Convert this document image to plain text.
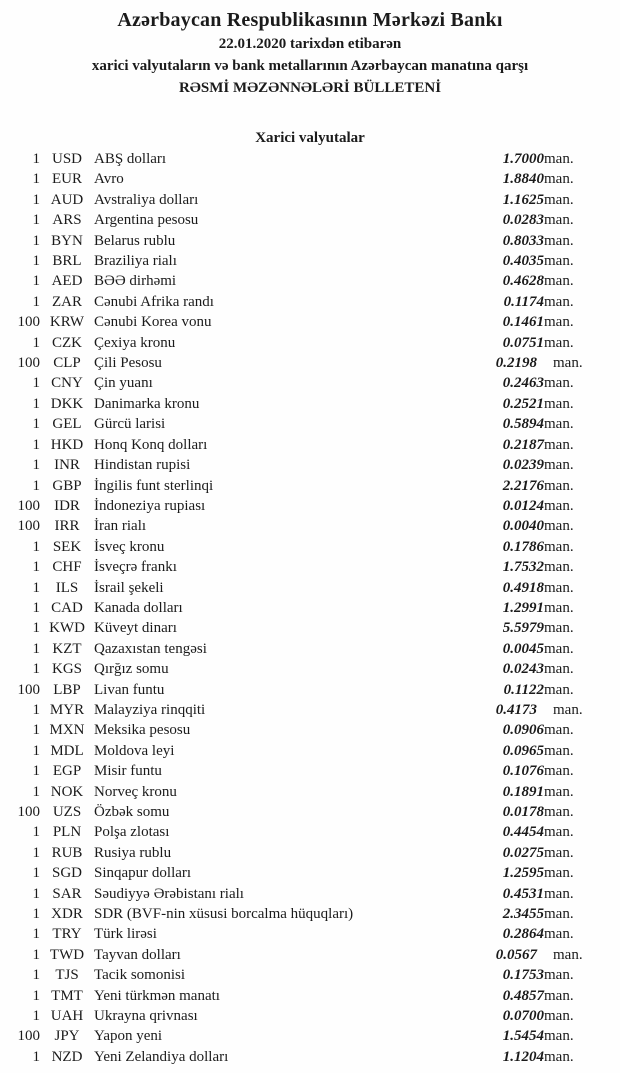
Azərbaycan Respublikasının Mərkəzi Bankı
22.01.2020 tarixdən etibarən
xarici valyutaların və bank metallarının Azərbaycan manatına qarşı
RƏSMİ MƏZƏNNƏLƏRİ BÜLLETENİ
Xarici valyutalar
1	USD	ABŞ dolları	1.7000	man.
1	EUR	Avro	1.8840	man.
1	AUD	Avstraliya dolları	1.1625	man.
1	ARS	Argentina pesosu	0.0283	man.
1	BYN	Belarus rublu	0.8033	man.
1	BRL	Braziliya rialı	0.4035	man.
1	AED	BƏƏ dirhəmi	0.4628	man.
1	ZAR	Cənubi Afrika randı	0.1174	man.
100	KRW	Cənubi Korea vonu	0.1461	man.
1	CZK	Çexiya kronu	0.0751	man.
100	CLP	Çili Pesosu	0.2198	man.
1	CNY	Çin yuanı	0.2463	man.
1	DKK	Danimarka kronu	0.2521	man.
1	GEL	Gürcü larisi	0.5894	man.
1	HKD	Honq Konq dolları	0.2187	man.
1	INR	Hindistan rupisi	0.0239	man.
1	GBP	İngilis funt sterlinqi	2.2176	man.
100	IDR	İndoneziya rupiası	0.0124	man.
100	IRR	İran rialı	0.0040	man.
1	SEK	İsveç kronu	0.1786	man.
1	CHF	İsveçrə frankı	1.7532	man.
1	ILS	İsrail şekeli	0.4918	man.
1	CAD	Kanada dolları	1.2991	man.
1	KWD	Küveyt dinarı	5.5979	man.
1	KZT	Qazaxıstan tengəsi	0.0045	man.
1	KGS	Qırğız somu	0.0243	man.
100	LBP	Livan funtu	0.1122	man.
1	MYR	Malayziya rinqqiti	0.4173	man.
1	MXN	Meksika pesosu	0.0906	man.
1	MDL	Moldova leyi	0.0965	man.
1	EGP	Misir funtu	0.1076	man.
1	NOK	Norveç kronu	0.1891	man.
100	UZS	Özbək somu	0.0178	man.
1	PLN	Polşa zlotası	0.4454	man.
1	RUB	Rusiya rublu	0.0275	man.
1	SGD	Sinqapur dolları	1.2595	man.
1	SAR	Səudiyyə Ərəbistanı rialı	0.4531	man.
1	XDR	SDR (BVF-nin xüsusi borcalma hüquqları)	2.3455	man.
1	TRY	Türk lirəsi	0.2864	man.
1	TWD	Tayvan dolları	0.0567	man.
1	TJS	Tacik somonisi	0.1753	man.
1	TMT	Yeni türkmən manatı	0.4857	man.
1	UAH	Ukrayna qrivnası	0.0700	man.
100	JPY	Yapon yeni	1.5454	man.
1	NZD	Yeni Zelandiya dolları	1.1204	man.
